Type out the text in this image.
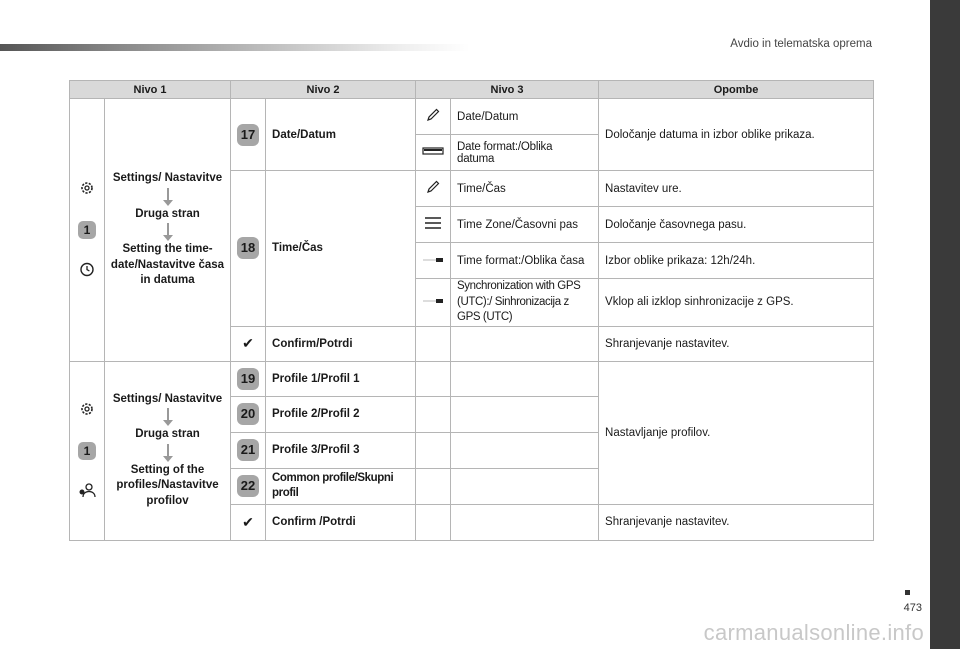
Avdio in telematska oprema
Nivo 1		Nivo 2		Nivo 3		Opombe

1	Settings/ Nastavitve
Druga stran
Setting the time-date/Nastavitve časa in datuma	17	Date/Datum		Date/Datum	Določanje datuma in izbor oblike prikaza.
	Date format:/Oblika datuma	
		18	Time/Čas		Time/Čas	Nastavitev ure.
	Time Zone/Časovni pas	Določanje časovnega pasu.
	Time format:/Oblika časa	Izbor oblike prikaza: 12h/24h.
	Synchronization with GPS (UTC):/ Sinhronizacija z GPS (UTC)	Vklop ali izklop sinhronizacije z GPS.
		✔	Confirm/Potrdi			Shranjevanje nastavitev.

1	Settings/ Nastavitve
Druga stran
Setting of the profiles/Nastavitve profilov	19	Profile 1/Profil 1			Nastavljanje profilov.
		20	Profile 2/Profil 2			
		21	Profile 3/Profil 3			
		22	Common profile/Skupni profil			
		✔	Confirm /Potrdi			Shranjevanje nastavitev.
473
carmanualsonline.info
